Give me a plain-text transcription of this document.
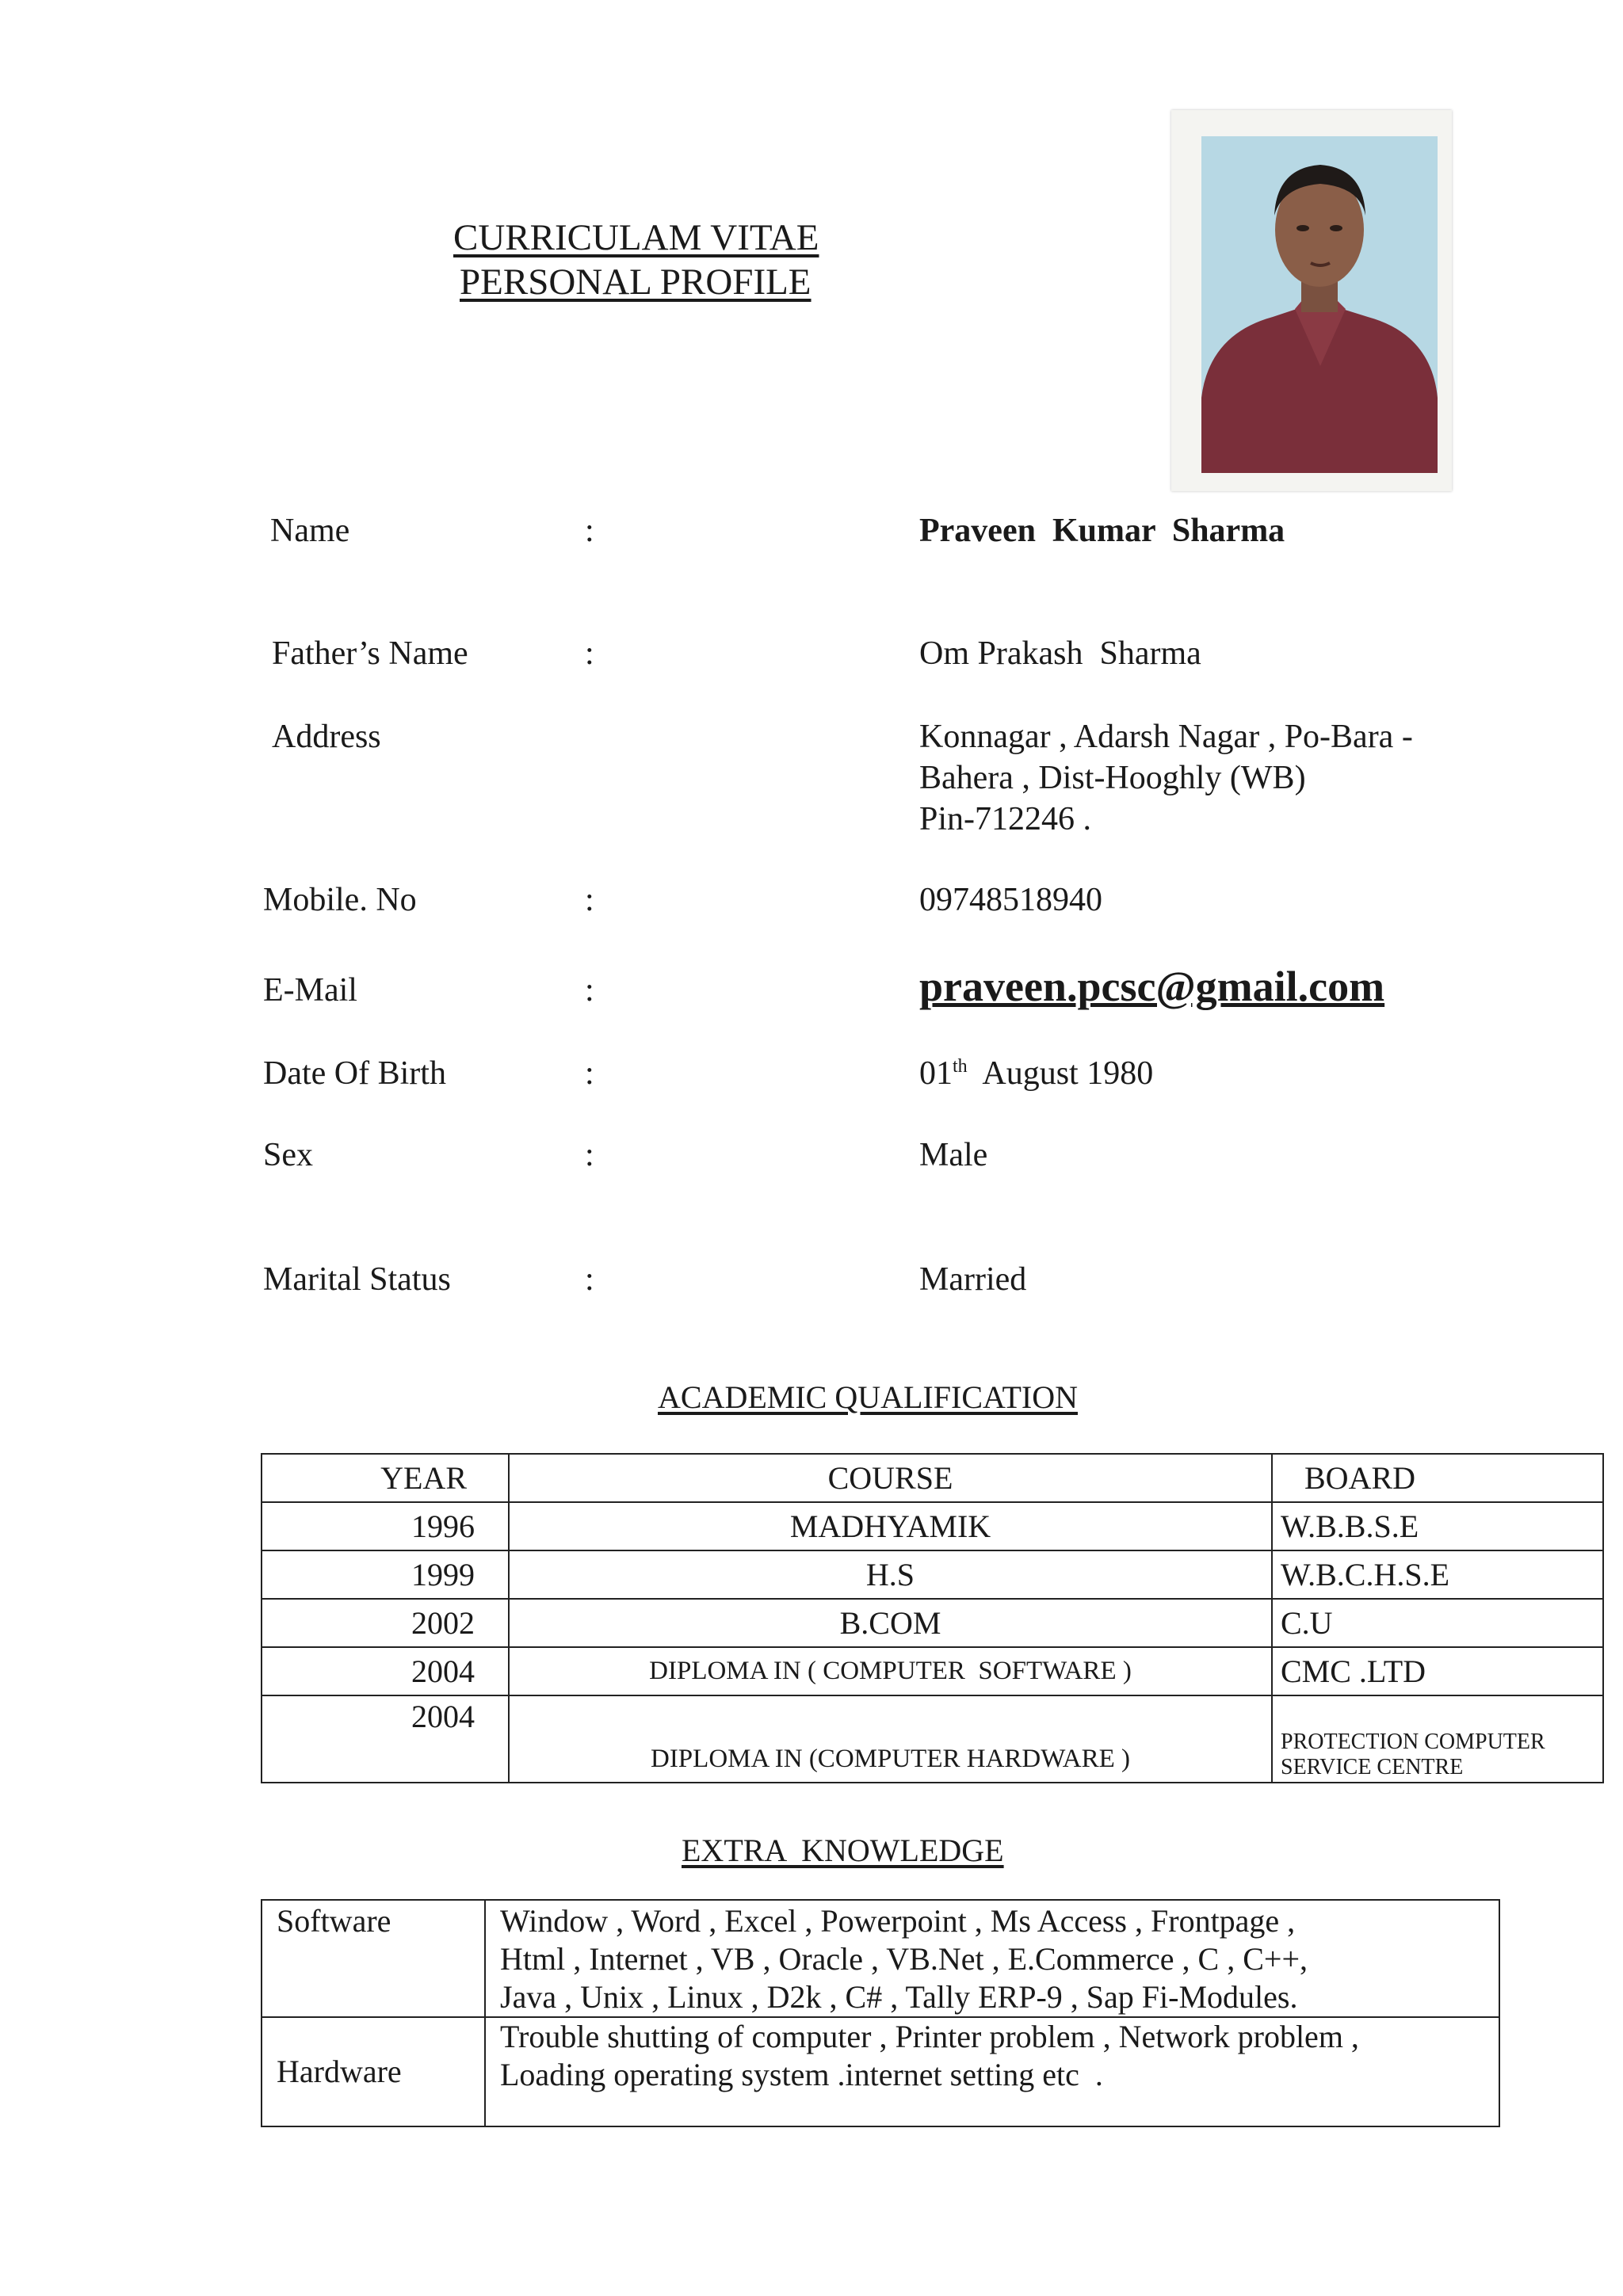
CURRICULAM VITAE
PERSONAL PROFILE
Name	:	Praveen  Kumar  Sharma
Father’s Name	:	Om Prakash  Sharma
Address	Konnagar , Adarsh Nagar , Po-Bara -
Bahera , Dist-Hooghly (WB)
Pin-712246 .
Mobile. No	:	09748518940
E-Mail	:	praveen.pcsc@gmail.com
Date Of Birth	:	01th August 1980
Sex	:	Male
Marital Status	:	Married
ACADEMIC QUALIFICATION
YEAR	COURSE	BOARD
1996	MADHYAMIK	W.B.B.S.E
1999	H.S	W.B.C.H.S.E
2002	B.COM	C.U
2004	DIPLOMA IN ( COMPUTER  SOFTWARE )	CMC .LTD
2004	DIPLOMA IN (COMPUTER HARDWARE )	PROTECTION COMPUTER
SERVICE CENTRE
EXTRA  KNOWLEDGE
Software	Window , Word , Excel , Powerpoint , Ms Access , Frontpage ,
Html , Internet , VB , Oracle , VB.Net , E.Commerce , C , C++,
Java , Unix , Linux , D2k , C# , Tally ERP-9 , Sap Fi-Modules.

Hardware	Trouble shutting of computer , Printer problem , Network problem ,
Loading operating system .internet setting etc  .
